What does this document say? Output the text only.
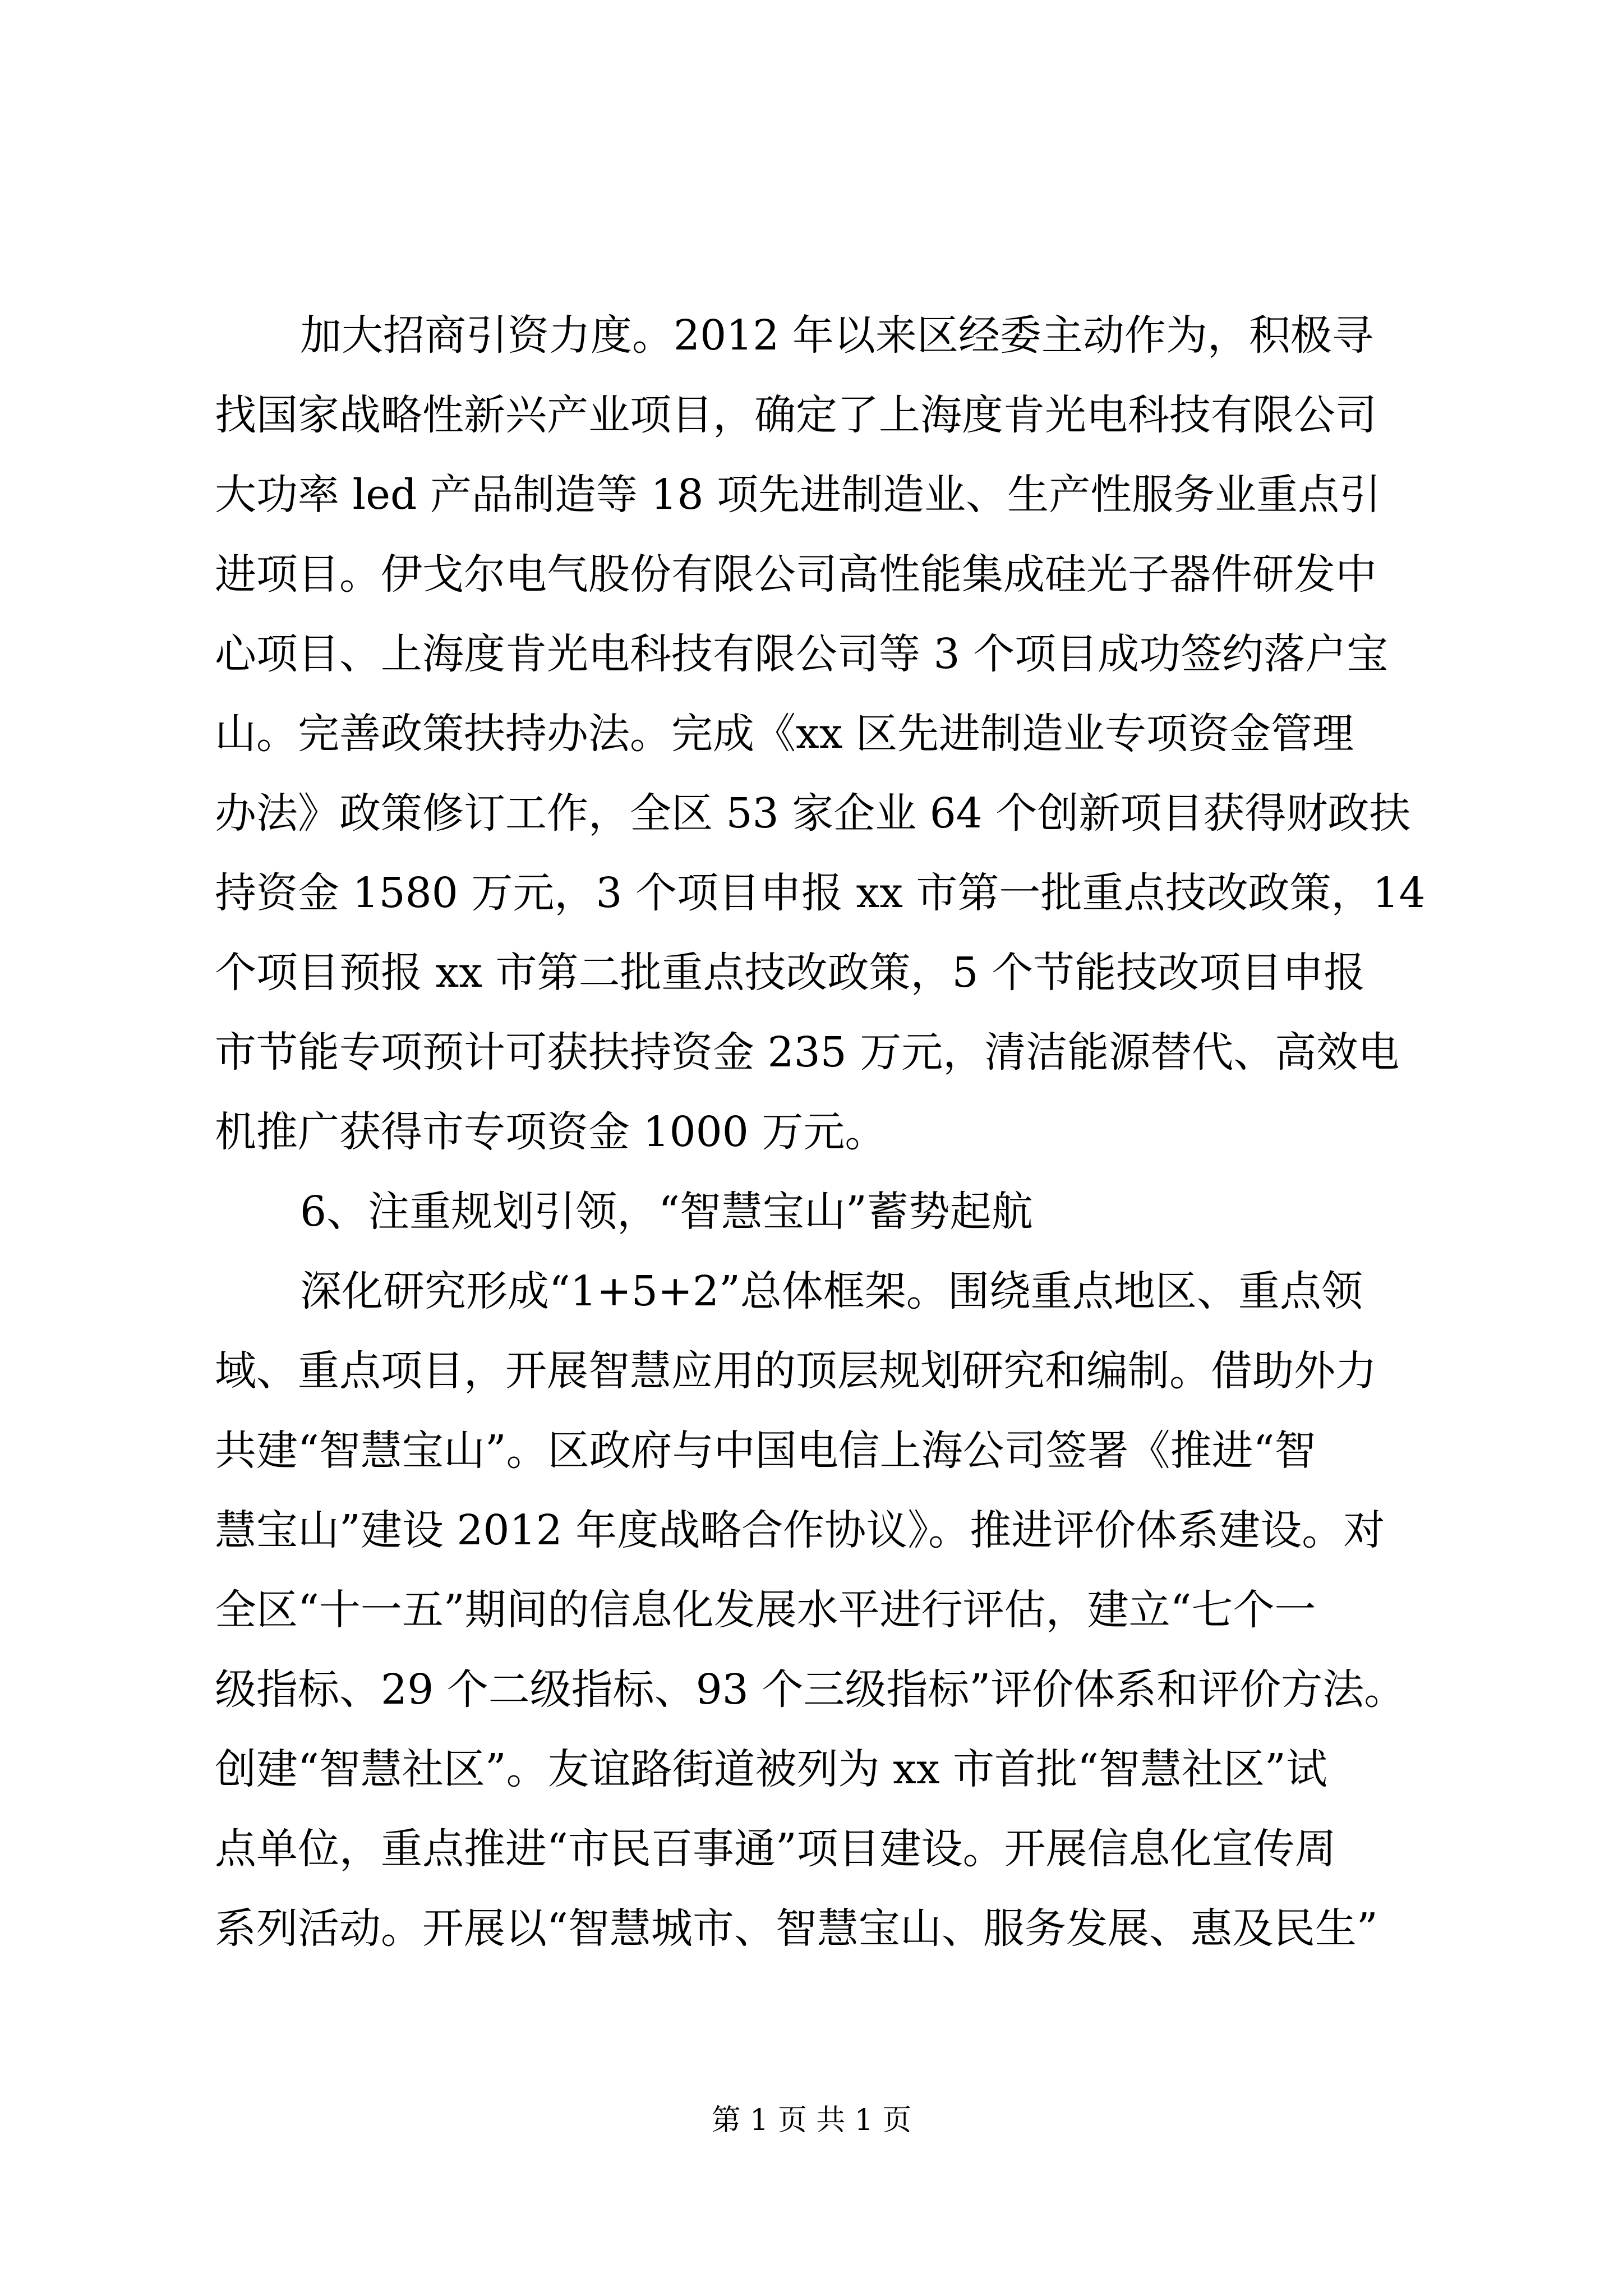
加大招商引资力度。2012 年以来区经委主动作为，积极寻
找国家战略性新兴产业项目，确定了上海度肯光电科技有限公司
大功率 led 产品制造等 18 项先进制造业、生产性服务业重点引
进项目。伊戈尔电气股份有限公司高性能集成硅光子器件研发中
心项目、上海度肯光电科技有限公司等 3 个项目成功签约落户宝
山。完善政策扶持办法。完成《xx 区先进制造业专项资金管理
办法》政策修订工作，全区 53 家企业 64 个创新项目获得财政扶
持资金 1580 万元，3 个项目申报 xx 市第一批重点技改政策，14
个项目预报 xx 市第二批重点技改政策，5 个节能技改项目申报
市节能专项预计可获扶持资金 235 万元，清洁能源替代、高效电
机推广获得市专项资金 1000 万元。
6、注重规划引领，“智慧宝山”蓄势起航
深化研究形成“1+5+2”总体框架。围绕重点地区、重点领
域、重点项目，开展智慧应用的顶层规划研究和编制。借助外力
共建“智慧宝山”。区政府与中国电信上海公司签署《推进“智
慧宝山”建设 2012 年度战略合作协议》。推进评价体系建设。对
全区“十一五”期间的信息化发展水平进行评估，建立“七个一
级指标、29 个二级指标、93 个三级指标”评价体系和评价方法。
创建“智慧社区”。友谊路街道被列为 xx 市首批“智慧社区”试
点单位，重点推进“市民百事通”项目建设。开展信息化宣传周
系列活动。开展以“智慧城市、智慧宝山、服务发展、惠及民生”
第 1 页 共 1 页
